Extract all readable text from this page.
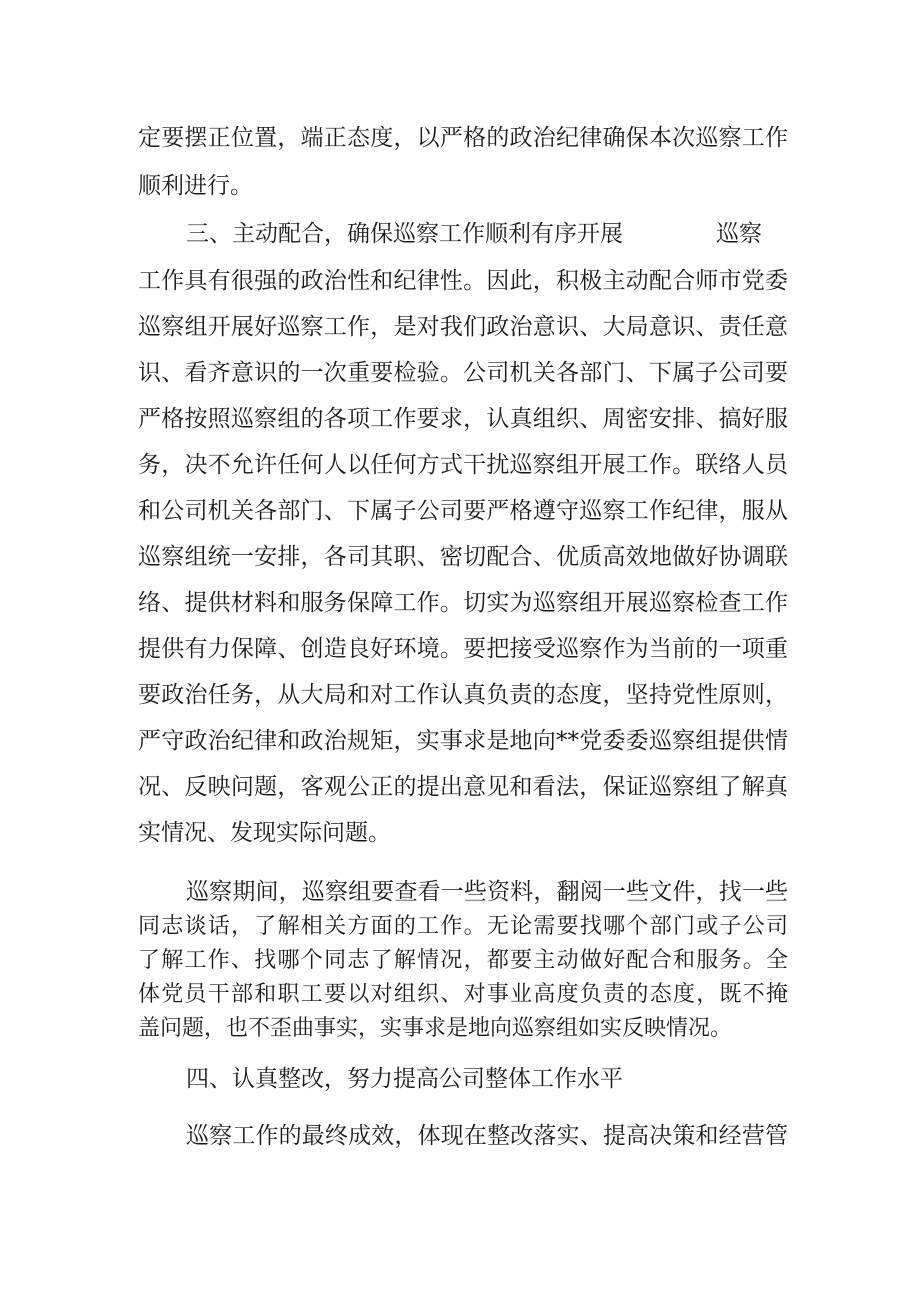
定要摆正位置，端正态度，以严格的政治纪律确保本次巡察工作
顺利进行。
三、主动配合，确保巡察工作顺利有序开展	巡察
工作具有很强的政治性和纪律性。因此，积极主动配合师市党委
巡察组开展好巡察工作，是对我们政治意识、大局意识、责任意
识、看齐意识的一次重要检验。公司机关各部门、下属子公司要
严格按照巡察组的各项工作要求，认真组织、周密安排、搞好服
务，决不允许任何人以任何方式干扰巡察组开展工作。联络人员
和公司机关各部门、下属子公司要严格遵守巡察工作纪律，服从
巡察组统一安排，各司其职、密切配合、优质高效地做好协调联
络、提供材料和服务保障工作。切实为巡察组开展巡察检查工作
提供有力保障、创造良好环境。要把接受巡察作为当前的一项重
要政治任务，从大局和对工作认真负责的态度，坚持党性原则，
严守政治纪律和政治规矩，实事求是地向**党委委巡察组提供情
况、反映问题，客观公正的提出意见和看法，保证巡察组了解真
实情况、发现实际问题。
巡察期间，巡察组要查看一些资料，翻阅一些文件，找一些
同志谈话，了解相关方面的工作。无论需要找哪个部门或子公司
了解工作、找哪个同志了解情况，都要主动做好配合和服务。全
体党员干部和职工要以对组织、对事业高度负责的态度，既不掩
盖问题，也不歪曲事实，实事求是地向巡察组如实反映情况。
四、认真整改，努力提高公司整体工作水平
巡察工作的最终成效，体现在整改落实、提高决策和经营管
